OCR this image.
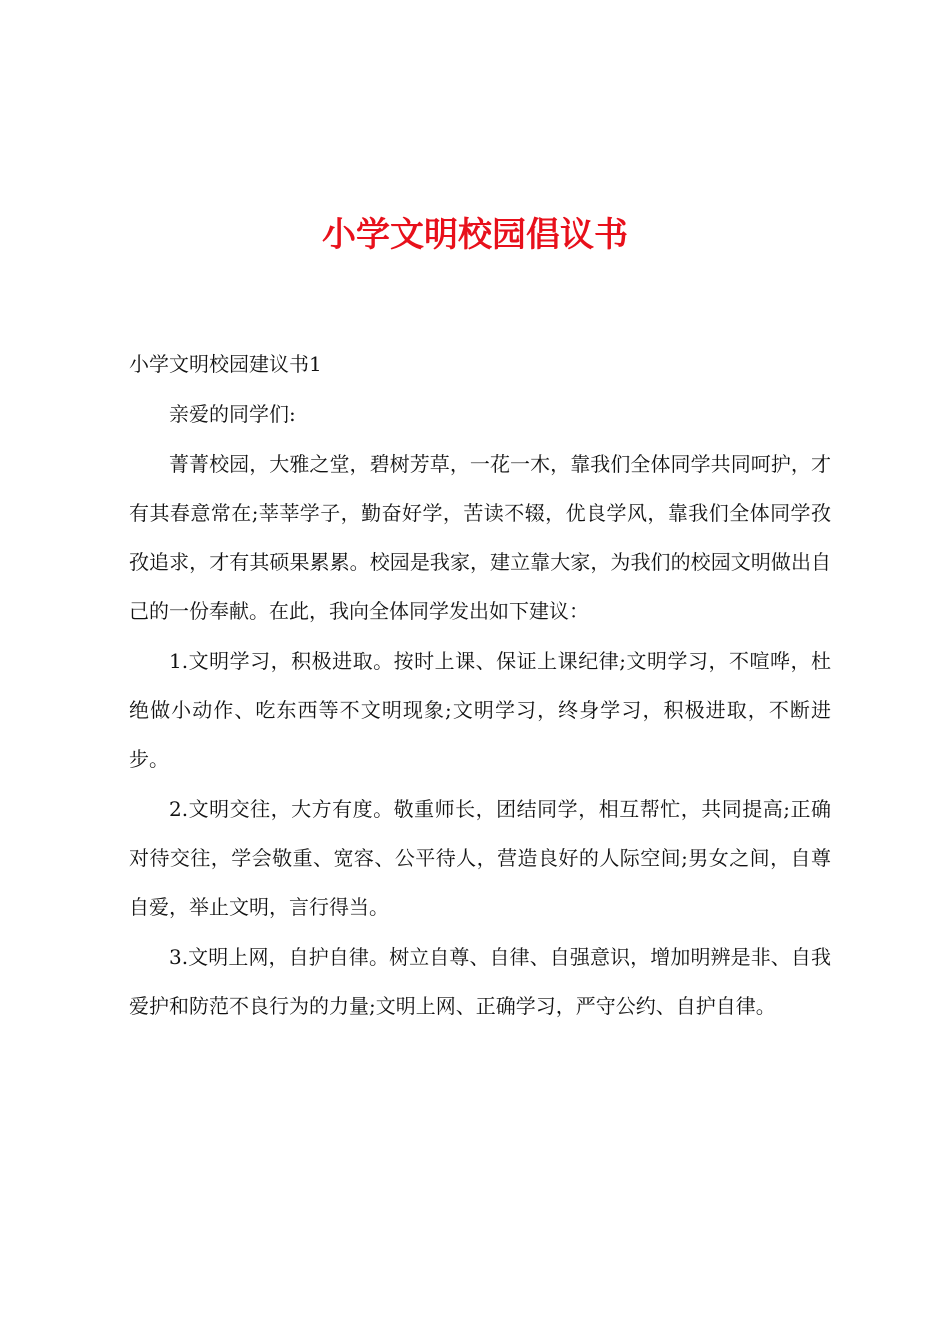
小学文明校园倡议书

小学文明校园建议书1

亲爱的同学们:

菁菁校园，大雅之堂，碧树芳草，一花一木，靠我们全体同学共同呵护，才有其春意常在;莘莘学子，勤奋好学，苦读不辍，优良学风，靠我们全体同学孜孜追求，才有其硕果累累。校园是我家，建立靠大家，为我们的校园文明做出自己的一份奉献。在此，我向全体同学发出如下建议：

1.文明学习，积极进取。按时上课、保证上课纪律;文明学习，不喧哗，杜绝做小动作、吃东西等不文明现象;文明学习，终身学习，积极进取，不断进步。

2.文明交往，大方有度。敬重师长，团结同学，相互帮忙，共同提高;正确对待交往，学会敬重、宽容、公平待人，营造良好的人际空间;男女之间，自尊自爱，举止文明，言行得当。

3.文明上网，自护自律。树立自尊、自律、自强意识，增加明辨是非、自我爱护和防范不良行为的力量;文明上网、正确学习，严守公约、自护自律。
